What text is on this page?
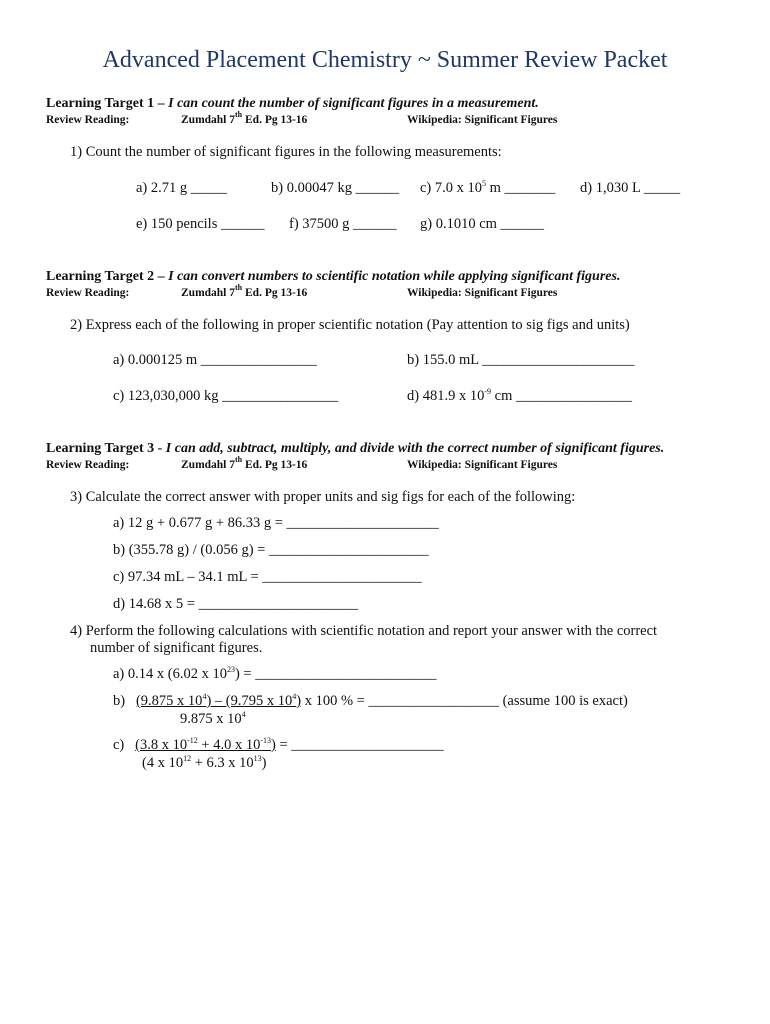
Advanced Placement Chemistry ~ Summer Review Packet
Learning Target 1 – I can count the number of significant figures in a measurement.
Review Reading:	Zumdahl 7th Ed. Pg 13-16	Wikipedia: Significant Figures
1) Count the number of significant figures in the following measurements:
a) 2.71 g _____	b) 0.00047 kg ______ c) 7.0 x $10^5$ m _______ d) 1,030 L _____
e) 150 pencils ______ f) 37500 g ______ g) 0.1010 cm ______
Learning Target 2 – I can convert numbers to scientific notation while applying significant figures.
Review Reading:	Zumdahl 7th Ed. Pg 13-16	Wikipedia: Significant Figures
2) Express each of the following in proper scientific notation (Pay attention to sig figs and units)
a) 0.000125 m ________________	b) 155.0 mL _____________________
c) 123,030,000 kg ________________	d) 481.9 x $10^{-9}$ cm ________________
Learning Target 3 - I can add, subtract, multiply, and divide with the correct number of significant figures.
Review Reading:	Zumdahl 7th Ed. Pg 13-16	Wikipedia: Significant Figures
3) Calculate the correct answer with proper units and sig figs for each of the following:
a) 12 g + 0.677 g + 86.33 g = _____________________
b) (355.78 g) / (0.056 g) = ______________________
c) 97.34 mL – 34.1 mL = ______________________
d) 14.68 x 5 = ______________________
4) Perform the following calculations with scientific notation and report your answer with the correct
number of significant figures.
a) 0.14 x (6.02 x $10^{23}$) = _________________________
b) (9.875 x $10^4) - (9.795$ x $10^4$) x 100 % = __________________ (assume 100 is exact)
9.875 x $10^4$
c) (3.8 x $10^{-12} + 4.0$ x $10^{-13}$) = _____________________
(4 x $10^{12} + 6.3$ x $10^{13}$)
